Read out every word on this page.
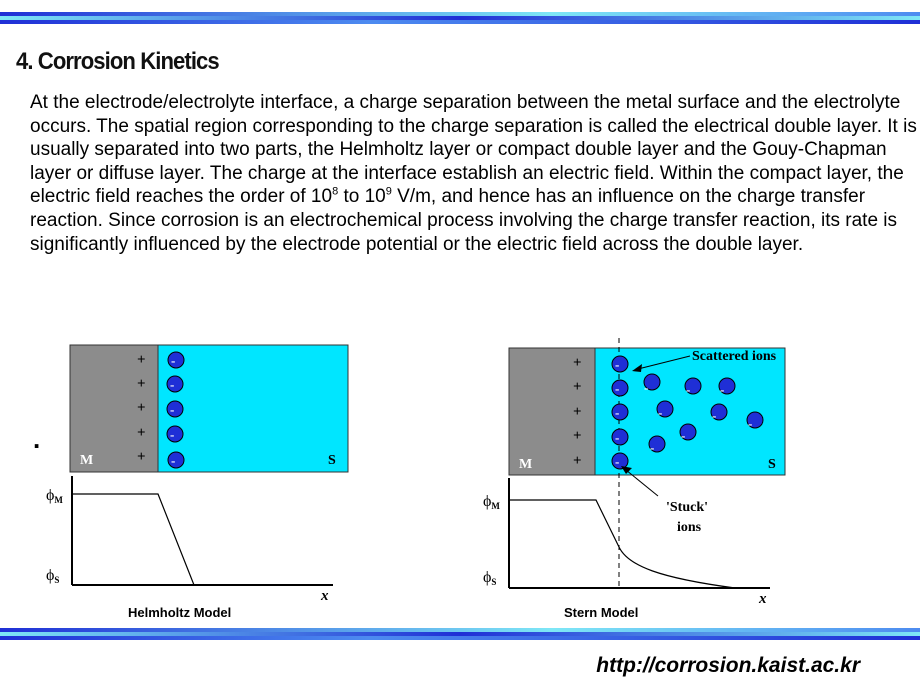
4. Corrosion Kinetics

At the electrode/electrolyte interface, a charge separation between the metal surface and the electrolyte occurs. The spatial region corresponding to the charge separation is called the electrical double layer. It is usually separated into two parts, the Helmholtz layer or compact double layer and the Gouy-Chapman layer or diffuse layer. The charge at the interface establish an electric field. Within the compact layer, the electric field reaches the order of $10^8$ to $10^9$ V/m, and hence has an influence on the charge transfer reaction. Since corrosion is an electrochemical process involving the charge transfer reaction, its rate is significantly influenced by the electrode potential or the electric field across the double layer.

.
+
+
+
+
+
-
-
-
-
-
M	S
ϕM
ϕS
x
Helmholtz Model
+
+
+
+
+
-
-
-
-
-
-	- -
-	-
-
-
-
Scattered ions
M	S
'Stuck'
ions
ϕM
ϕS
x
Stern Model
http://corrosion.kaist.ac.kr
